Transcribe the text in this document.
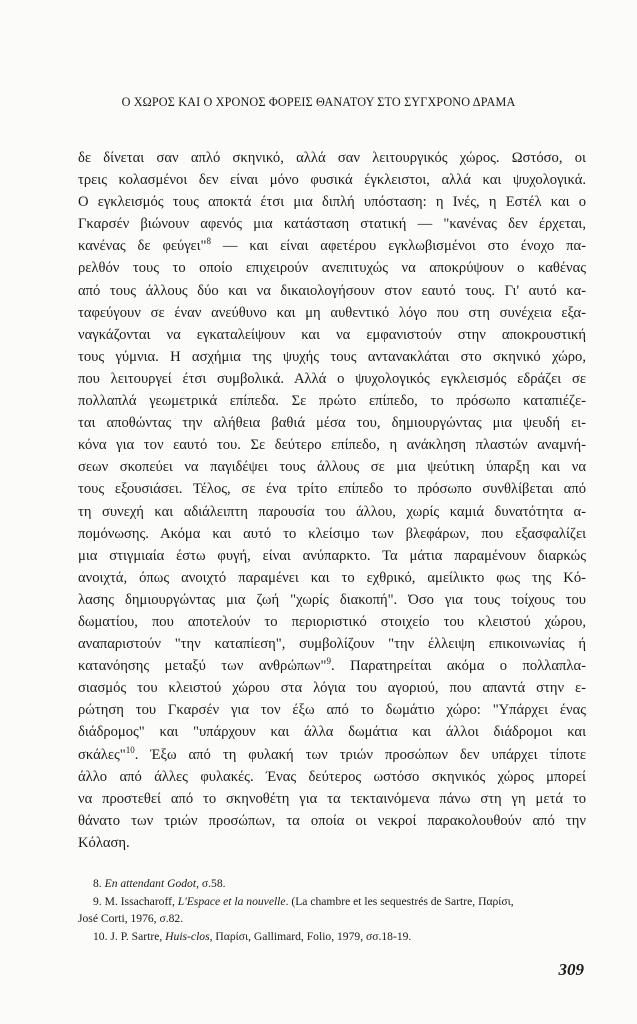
Ο ΧΩΡΟΣ ΚΑΙ Ο ΧΡΟΝΟΣ ΦΟΡΕΙΣ ΘΑΝΑΤΟΥ ΣΤΟ ΣΥΓΧΡΟΝΟ ΔΡΑΜΑ
δε δίνεται σαν απλό σκηνικό, αλλά σαν λειτουργικός χώρος. Ωστόσο, οι
τρεις κολασμένοι δεν είναι μόνο φυσικά έγκλειστοι, αλλά και ψυχολογικά.
Ο εγκλεισμός τους αποκτά έτσι μια διπλή υπόσταση: η Ινές, η Εστέλ και ο
Γκαρσέν βιώνουν αφενός μια κατάσταση στατική — "κανένας δεν έρχεται,
κανένας δε φεύγει"$^8$ — και είναι αφετέρου εγκλωβισμένοι στο ένοχο πα-
ρελθόν τους το οποίο επιχειρούν ανεπιτυχώς να αποκρύψουν ο καθένας
από τους άλλους δύο και να δικαιολογήσουν στον εαυτό τους. Γι' αυτό κα-
ταφεύγουν σε έναν ανεύθυνο και μη αυθεντικό λόγο που στη συνέχεια εξα-
ναγκάζονται να εγκαταλείψουν και να εμφανιστούν στην αποκρουστική
τους γύμνια. Η ασχήμια της ψυχής τους αντανακλάται στο σκηνικό χώρο,
που λειτουργεί έτσι συμβολικά. Αλλά ο ψυχολογικός εγκλεισμός εδράζει σε
πολλαπλά γεωμετρικά επίπεδα. Σε πρώτο επίπεδο, το πρόσωπο καταπιέζε-
ται αποθώντας την αλήθεια βαθιά μέσα του, δημιουργώντας μια ψευδή ει-
κόνα για τον εαυτό του. Σε δεύτερο επίπεδο, η ανάκληση πλαστών αναμνή-
σεων σκοπεύει να παγιδέψει τους άλλους σε μια ψεύτικη ύπαρξη και να
τους εξουσιάσει. Τέλος, σε ένα τρίτο επίπεδο το πρόσωπο συνθλίβεται από
τη συνεχή και αδιάλειπτη παρουσία του άλλου, χωρίς καμιά δυνατότητα α-
πομόνωσης. Ακόμα και αυτό το κλείσιμο των βλεφάρων, που εξασφαλίζει
μια στιγμιαία έστω φυγή, είναι ανύπαρκτο. Τα μάτια παραμένουν διαρκώς
ανοιχτά, όπως ανοιχτό παραμένει και το εχθρικό, αμείλικτο φως της Κό-
λασης δημιουργώντας μια ζωή "χωρίς διακοπή". Όσο για τους τοίχους του
δωματίου, που αποτελούν το περιοριστικό στοιχείο του κλειστού χώρου,
αναπαριστούν "την καταπίεση", συμβολίζουν "την έλλειψη επικοινωνίας ή
κατανόησης μεταξύ των ανθρώπων"$^9$. Παρατηρείται ακόμα ο πολλαπλα-
σιασμός του κλειστού χώρου στα λόγια του αγοριού, που απαντά στην ε-
ρώτηση του Γκαρσέν για τον έξω από το δωμάτιο χώρο: "Υπάρχει ένας
διάδρομος" και "υπάρχουν και άλλα δωμάτια και άλλοι διάδρομοι και
σκάλες"$^{10}$. Έξω από τη φυλακή των τριών προσώπων δεν υπάρχει τίποτε
άλλο από άλλες φυλακές. Ένας δεύτερος ωστόσο σκηνικός χώρος μπορεί
να προστεθεί από το σκηνοθέτη για τα τεκταινόμενα πάνω στη γη μετά το
θάνατο των τριών προσώπων, τα οποία οι νεκροί παρακολουθούν από την
Κόλαση.
8. En attendant Godot, σ.58.
9. M. Issacharoff, L'Espace et la nouvelle. (La chambre et les sequestrés de Sartre, Παρίσι,
José Corti, 1976, σ.82.
10. J. P. Sartre, Huis-clos, Παρίσι, Gallimard, Folio, 1979, σσ.18-19.
309
